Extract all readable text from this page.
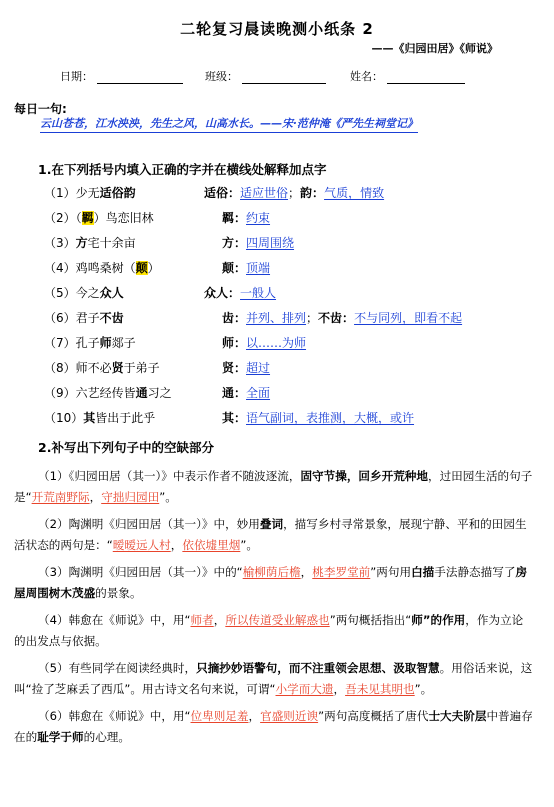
二轮复习晨读晚测小纸条 2
——《归园田居》《师说》
日期：	班级：	姓名：
每日一句:
云山苍苍，江水泱泱，先生之风，山高水长。——宋·范仲淹《严先生祠堂记》
1.在下列括号内填入正确的字并在横线处解释加点字
（1）少无适俗韵	适俗：适应世俗；韵：气质，情致
（2）（羁）鸟恋旧林	羁：约束
（3）方宅十余亩	方：四周围绕
（4）鸡鸣桑树（颠）	颠：顶端
（5）今之众人	众人：一般人
（6）君子不齿	齿：并列、排列；不齿：不与同列，即看不起
（7）孔子师郯子	师：以……为师
（8）师不必贤于弟子	贤：超过
（9）六艺经传皆通习之	通：全面
（10）其皆出于此乎	其：语气副词，表推测，大概，或许
2.补写出下列句子中的空缺部分
（1）《归园田居（其一）》中表示作者不随波逐流，固守节操，回乡开荒种地，过田园生活的句子是“开荒南野际，守拙归园田”。
（2）陶渊明《归园田居（其一）》中，妙用叠词，描写乡村寻常景象，展现宁静、平和的田园生活状态的两句是：“暧暧远人村，依依墟里烟”。
（3）陶渊明《归园田居（其一）》中的“榆柳荫后檐，桃李罗堂前”两句用白描手法静态描写了房屋周围树木茂盛的景象。
（4）韩愈在《师说》中，用“师者，所以传道受业解惑也”两句概括指出“师”的作用，作为立论的出发点与依据。
（5）有些同学在阅读经典时，只摘抄妙语警句，而不注重领会思想、汲取智慧。用俗话来说，这叫“捡了芝麻丢了西瓜”。用古诗文名句来说，可谓“小学而大遗，吾未见其明也”。
（6）韩愈在《师说》中，用“位卑则足羞，官盛则近谀”两句高度概括了唐代士大夫阶层中普遍存在的耻学于师的心理。
